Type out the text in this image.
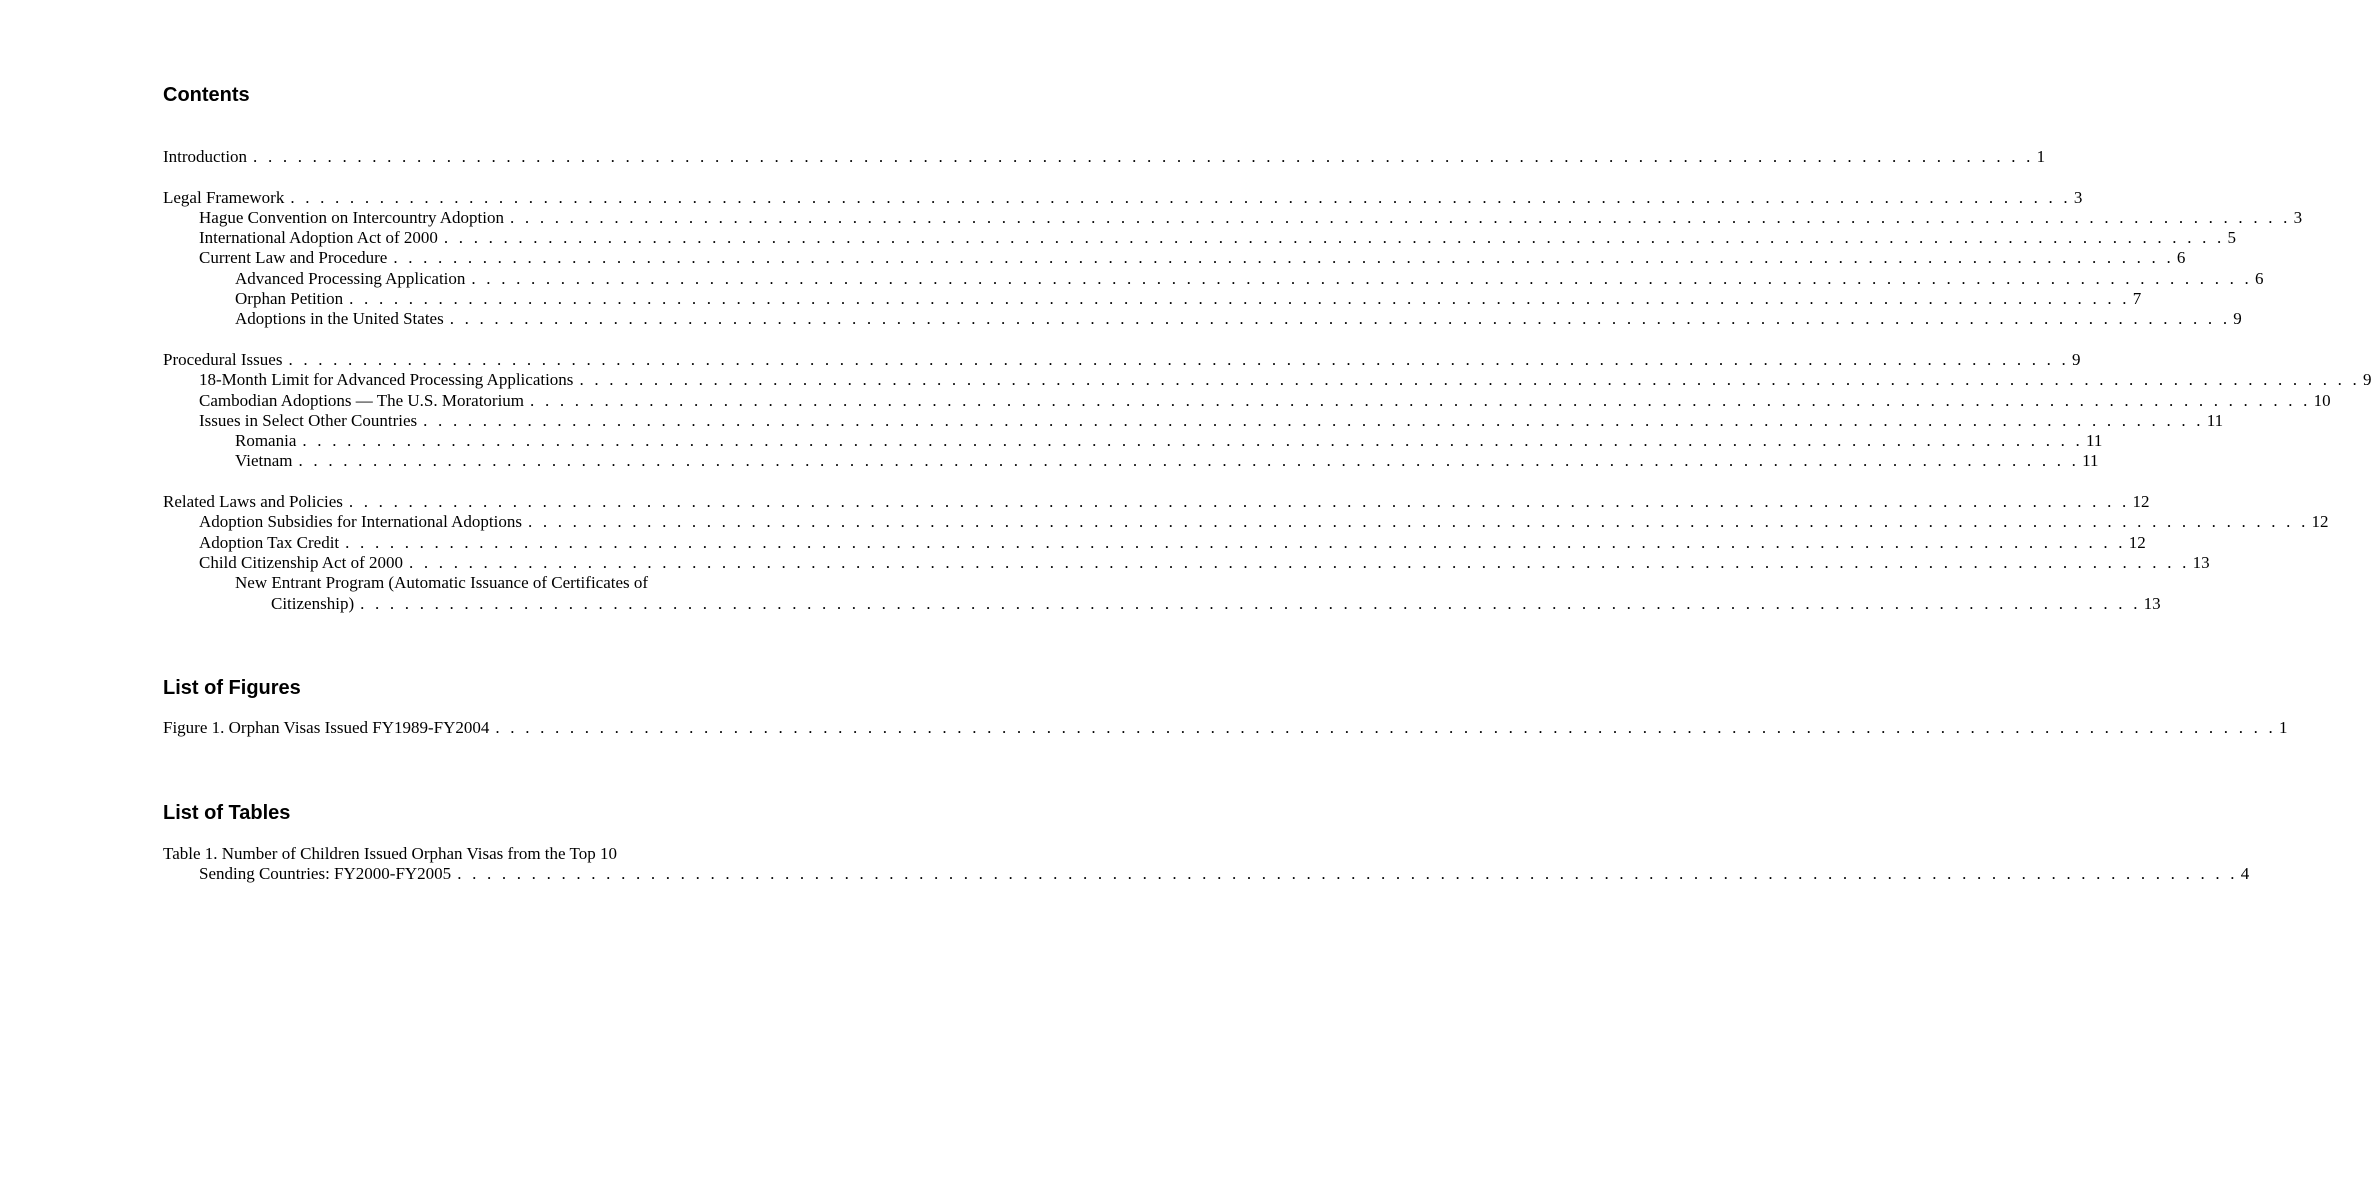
Contents
Introduction . . . . . . . . . . . . . . . . . . . . . . . . . . . . . . . . . . . . . . . . . . . . . . . . . . . . . . . . . . . . . . . . . . . . . . . . . . . . . . . . . . . . . . . . . . . . . . . . . . . . . . . . . . . . . . . . . . . . . . . . 1
Legal Framework . . . . . . . . . . . . . . . . . . . . . . . . . . . . . . . . . . . . . . . . . . . . . . . . . . . . . . . . . . . . . . . . . . . . . . . . . . . . . . . . . . . . . . . . . . . . . . . . . . . . . . . . . . . . . . . . . . . . . . . . 3
Hague Convention on Intercountry Adoption . . . . . . . . . . . . . . . . . . . . . . . . . . . . . . . . . . . . . . . . . . . . . . . . . . . . . . . . . . . . . . . . . . . . . . . . . . . . . . . . . . . . . . . . . . . . . . . . . . . . . . . . . . . . . . . . . . . . . . . . 3
International Adoption Act of 2000 . . . . . . . . . . . . . . . . . . . . . . . . . . . . . . . . . . . . . . . . . . . . . . . . . . . . . . . . . . . . . . . . . . . . . . . . . . . . . . . . . . . . . . . . . . . . . . . . . . . . . . . . . . . . . . . . . . . . . . . . 5
Current Law and Procedure . . . . . . . . . . . . . . . . . . . . . . . . . . . . . . . . . . . . . . . . . . . . . . . . . . . . . . . . . . . . . . . . . . . . . . . . . . . . . . . . . . . . . . . . . . . . . . . . . . . . . . . . . . . . . . . . . . . . . . . . 6
Advanced Processing Application . . . . . . . . . . . . . . . . . . . . . . . . . . . . . . . . . . . . . . . . . . . . . . . . . . . . . . . . . . . . . . . . . . . . . . . . . . . . . . . . . . . . . . . . . . . . . . . . . . . . . . . . . . . . . . . . . . . . . . . . 6
Orphan Petition . . . . . . . . . . . . . . . . . . . . . . . . . . . . . . . . . . . . . . . . . . . . . . . . . . . . . . . . . . . . . . . . . . . . . . . . . . . . . . . . . . . . . . . . . . . . . . . . . . . . . . . . . . . . . . . . . . . . . . . . 7
Adoptions in the United States . . . . . . . . . . . . . . . . . . . . . . . . . . . . . . . . . . . . . . . . . . . . . . . . . . . . . . . . . . . . . . . . . . . . . . . . . . . . . . . . . . . . . . . . . . . . . . . . . . . . . . . . . . . . . . . . . . . . . . . . 9
Procedural Issues . . . . . . . . . . . . . . . . . . . . . . . . . . . . . . . . . . . . . . . . . . . . . . . . . . . . . . . . . . . . . . . . . . . . . . . . . . . . . . . . . . . . . . . . . . . . . . . . . . . . . . . . . . . . . . . . . . . . . . . . 9
18-Month Limit for Advanced Processing Applications . . . . . . . . . . . . . . . . . . . . . . . . . . . . . . . . . . . . . . . . . . . . . . . . . . . . . . . . . . . . . . . . . . . . . . . . . . . . . . . . . . . . . . . . . . . . . . . . . . . . . . . . . . . . . . . . . . . . . . . . 9
Cambodian Adoptions — The U.S. Moratorium . . . . . . . . . . . . . . . . . . . . . . . . . . . . . . . . . . . . . . . . . . . . . . . . . . . . . . . . . . . . . . . . . . . . . . . . . . . . . . . . . . . . . . . . . . . . . . . . . . . . . . . . . . . . . . . . . . . . . . . . 10
Issues in Select Other Countries . . . . . . . . . . . . . . . . . . . . . . . . . . . . . . . . . . . . . . . . . . . . . . . . . . . . . . . . . . . . . . . . . . . . . . . . . . . . . . . . . . . . . . . . . . . . . . . . . . . . . . . . . . . . . . . . . . . . . . . . 11
Romania . . . . . . . . . . . . . . . . . . . . . . . . . . . . . . . . . . . . . . . . . . . . . . . . . . . . . . . . . . . . . . . . . . . . . . . . . . . . . . . . . . . . . . . . . . . . . . . . . . . . . . . . . . . . . . . . . . . . . . . . 11
Vietnam . . . . . . . . . . . . . . . . . . . . . . . . . . . . . . . . . . . . . . . . . . . . . . . . . . . . . . . . . . . . . . . . . . . . . . . . . . . . . . . . . . . . . . . . . . . . . . . . . . . . . . . . . . . . . . . . . . . . . . . . 11
Related Laws and Policies . . . . . . . . . . . . . . . . . . . . . . . . . . . . . . . . . . . . . . . . . . . . . . . . . . . . . . . . . . . . . . . . . . . . . . . . . . . . . . . . . . . . . . . . . . . . . . . . . . . . . . . . . . . . . . . . . . . . . . . . 12
Adoption Subsidies for International Adoptions . . . . . . . . . . . . . . . . . . . . . . . . . . . . . . . . . . . . . . . . . . . . . . . . . . . . . . . . . . . . . . . . . . . . . . . . . . . . . . . . . . . . . . . . . . . . . . . . . . . . . . . . . . . . . . . . . . . . . . . . 12
Adoption Tax Credit . . . . . . . . . . . . . . . . . . . . . . . . . . . . . . . . . . . . . . . . . . . . . . . . . . . . . . . . . . . . . . . . . . . . . . . . . . . . . . . . . . . . . . . . . . . . . . . . . . . . . . . . . . . . . . . . . . . . . . . . 12
Child Citizenship Act of 2000 . . . . . . . . . . . . . . . . . . . . . . . . . . . . . . . . . . . . . . . . . . . . . . . . . . . . . . . . . . . . . . . . . . . . . . . . . . . . . . . . . . . . . . . . . . . . . . . . . . . . . . . . . . . . . . . . . . . . . . . . 13
New Entrant Program (Automatic Issuance of Certificates of
Citizenship) . . . . . . . . . . . . . . . . . . . . . . . . . . . . . . . . . . . . . . . . . . . . . . . . . . . . . . . . . . . . . . . . . . . . . . . . . . . . . . . . . . . . . . . . . . . . . . . . . . . . . . . . . . . . . . . . . . . . . . . . 13
List of Figures
Figure 1. Orphan Visas Issued FY1989-FY2004 . . . . . . . . . . . . . . . . . . . . . . . . . . . . . . . . . . . . . . . . . . . . . . . . . . . . . . . . . . . . . . . . . . . . . . . . . . . . . . . . . . . . . . . . . . . . . . . . . . . . . . . . . . . . . . . . . . . . . . . . 1
List of Tables
Table 1. Number of Children Issued Orphan Visas from the Top 10
Sending Countries: FY2000-FY2005 . . . . . . . . . . . . . . . . . . . . . . . . . . . . . . . . . . . . . . . . . . . . . . . . . . . . . . . . . . . . . . . . . . . . . . . . . . . . . . . . . . . . . . . . . . . . . . . . . . . . . . . . . . . . . . . . . . . . . . . . 4
